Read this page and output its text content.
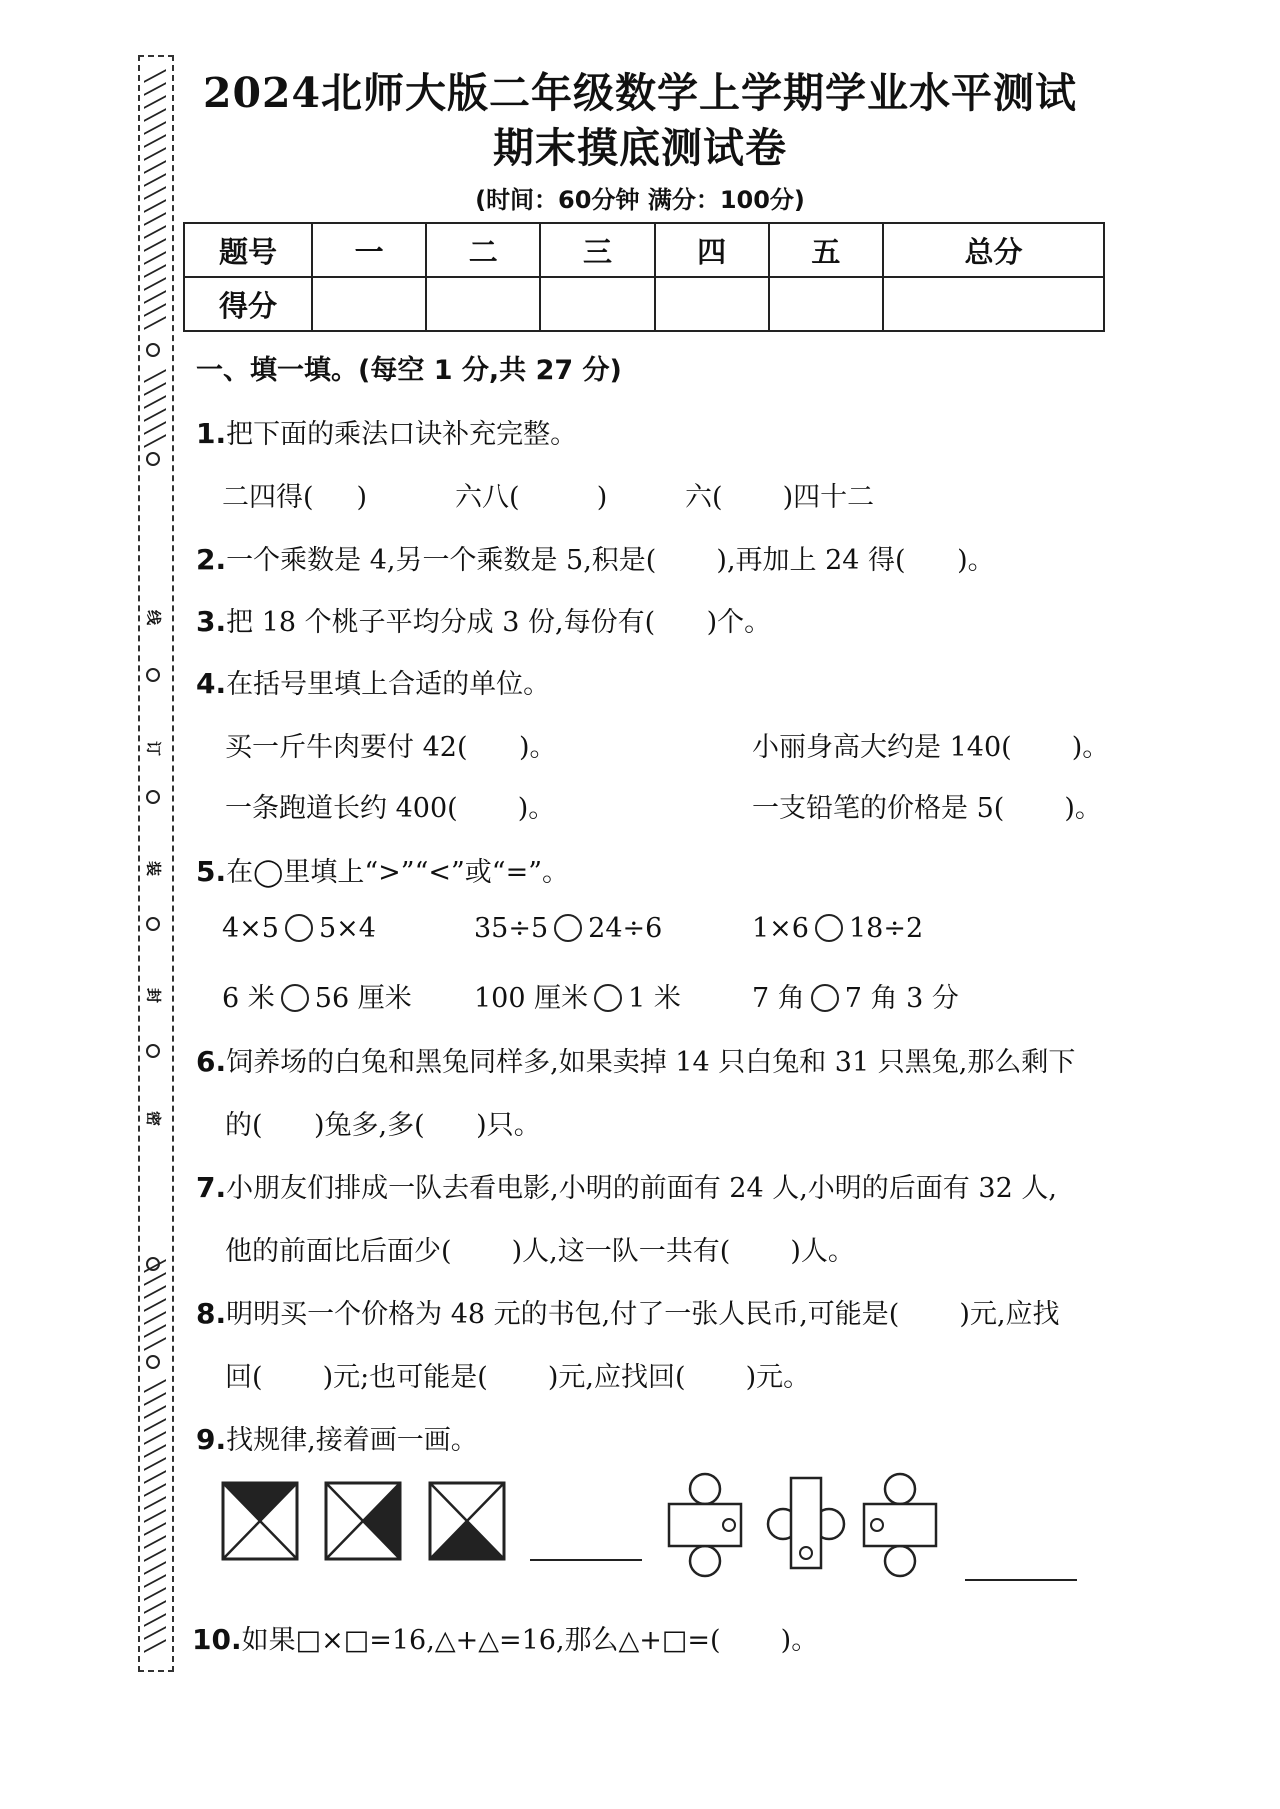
线
订
装
封
密
2024北师大版二年级数学上学期学业水平测试
期末摸底测试卷
(时间：60分钟 满分：100分)
题号	一	二	三	四	五	总分
得分						
一、填一填。(每空 1 分,共 27 分)
1.把下面的乘法口诀补充完整。
二四得(     )	六八(         )	六(       )四十二
2.一个乘数是 4,另一个乘数是 5,积是(       ),再加上 24 得(      )。
3.把 18 个桃子平均分成 3 份,每份有(      )个。
4.在括号里填上合适的单位。
买一斤牛肉要付 42(      )。	小丽身高大约是 140(       )。
一条跑道长约 400(       )。	一支铅笔的价格是 5(       )。
5.在◯里填上“>”“<”或“=”。
4×5 5×4	35÷5 24÷6	1×6 18÷2
6 米 56 厘米 100 厘米 1 米	7 角 7 角 3 分
6.饲养场的白兔和黑兔同样多,如果卖掉 14 只白兔和 31 只黑兔,那么剩下
的(      )兔多,多(      )只。
7.小朋友们排成一队去看电影,小明的前面有 24 人,小明的后面有 32 人,
他的前面比后面少(       )人,这一队一共有(       )人。
8.明明买一个价格为 48 元的书包,付了一张人民币,可能是(       )元,应找
回(       )元;也可能是(       )元,应找回(       )元。
9.找规律,接着画一画。
10.如果□×□=16,△+△=16,那么△+□=(       )。
